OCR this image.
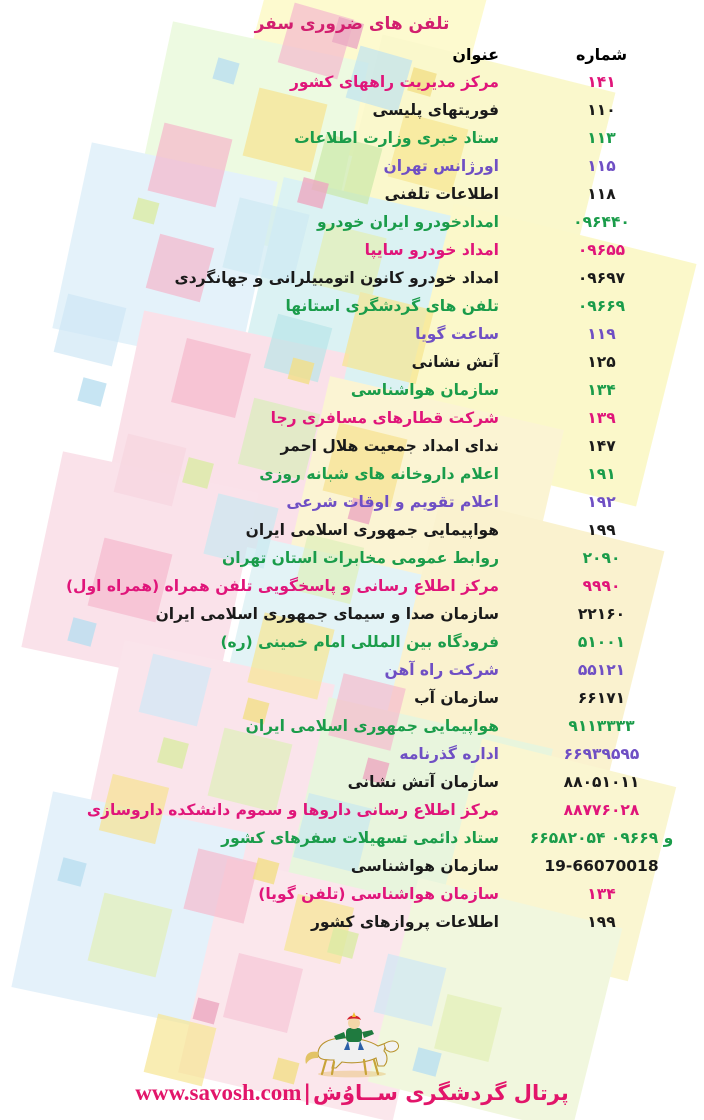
تلفن های ضروری سفر
شماره	عنوان
۱۴۱	مرکز مدیریت راههای کشور
۱۱۰	فوریتهای پلیسی
۱۱۳	ستاد خبری وزارت اطلاعات
۱۱۵	اورژانس تهران
۱۱۸	اطلاعات تلفنی
۰۹۶۴۴۰	امدادخودرو ایران خودرو
۰۹۶۵۵	امداد خودرو سایپا
۰۹۶۹۷	امداد خودرو کانون اتومبیلرانی و جهانگردی
۰۹۶۶۹	تلفن های گردشگری استانها
۱۱۹	ساعت گویا
۱۲۵	آتش نشانی
۱۳۴	سازمان هواشناسی
۱۳۹	شرکت قطارهای مسافری رجا
۱۴۷	ندای امداد جمعیت هلال احمر
۱۹۱	اعلام داروخانه های شبانه روزی
۱۹۲	اعلام تقویم و اوقات شرعی
۱۹۹	هواپیمایی جمهوری اسلامی ایران
۲۰۹۰	روابط عمومی مخابرات استان تهران
۹۹۹۰	مرکز اطلاع رسانی و پاسخگویی تلفن همراه (همراه اول)
۲۲۱۶۰	سازمان صدا و سیمای جمهوری اسلامی ایران
۵۱۰۰۱	فرودگاه بین المللی امام خمینی (ره)
۵۵۱۲۱	شرکت راه آهن
۶۶۱۷۱	سازمان آب
۹۱۱۳۳۳۳	هواپیمایی جمهوری اسلامی ایران
۶۶۹۳۹۵۹۵	اداره گذرنامه
۸۸۰۵۱۰۱۱	سازمان آتش نشانی
۸۸۷۷۶۰۲۸	مرکز اطلاع رسانی داروها و سموم دانشکده داروسازی
۶۶۵۸۲۰۵۴ و ۰۹۶۶۹	ستاد دائمی تسهیلات سفرهای کشور
19-66070018	سازمان هواشناسی
۱۳۴	سازمان هواشناسی (تلفن گویا)
۱۹۹	اطلاعات پروازهای کشور
پرتال گردشگری ســاوُش|www.savosh.com
